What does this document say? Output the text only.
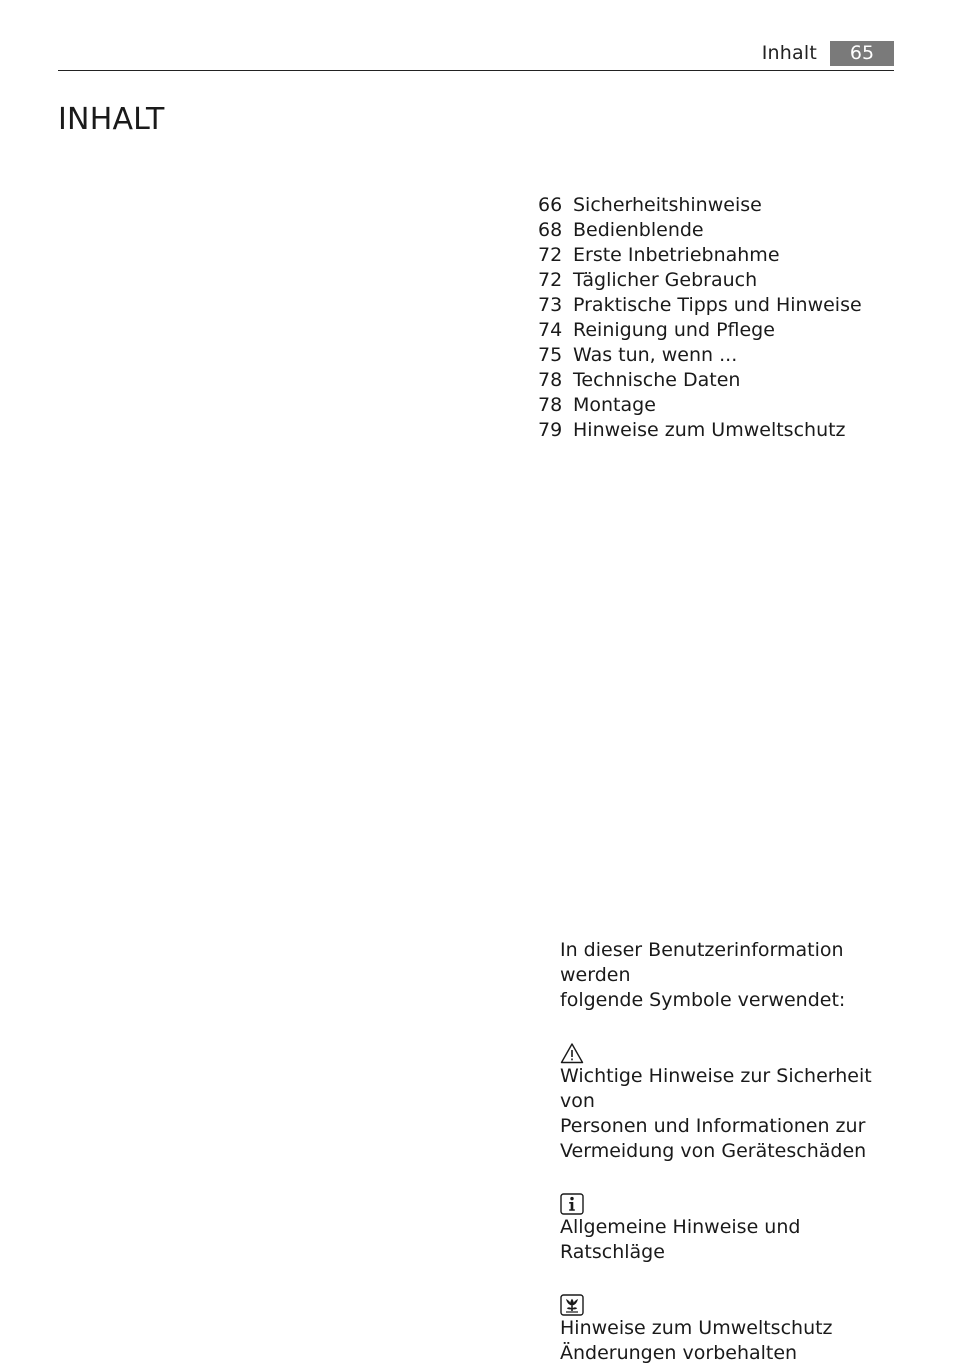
Inhalt	65
INHALT
66 Sicherheitshinweise
68 Bedienblende
72 Erste Inbetriebnahme
72 Täglicher Gebrauch
73 Praktische Tipps und Hinweise
74 Reinigung und Pflege
75 Was tun, wenn ...
78 Technische Daten
78 Montage
79 Hinweise zum Umweltschutz

In dieser Benutzerinformation werden

folgende Symbole verwendet:

Wichtige Hinweise zur Sicherheit von

Personen und Informationen zur

Vermeidung von Geräteschäden

Allgemeine Hinweise und Ratschläge

Hinweise zum Umweltschutz

Änderungen vorbehalten
